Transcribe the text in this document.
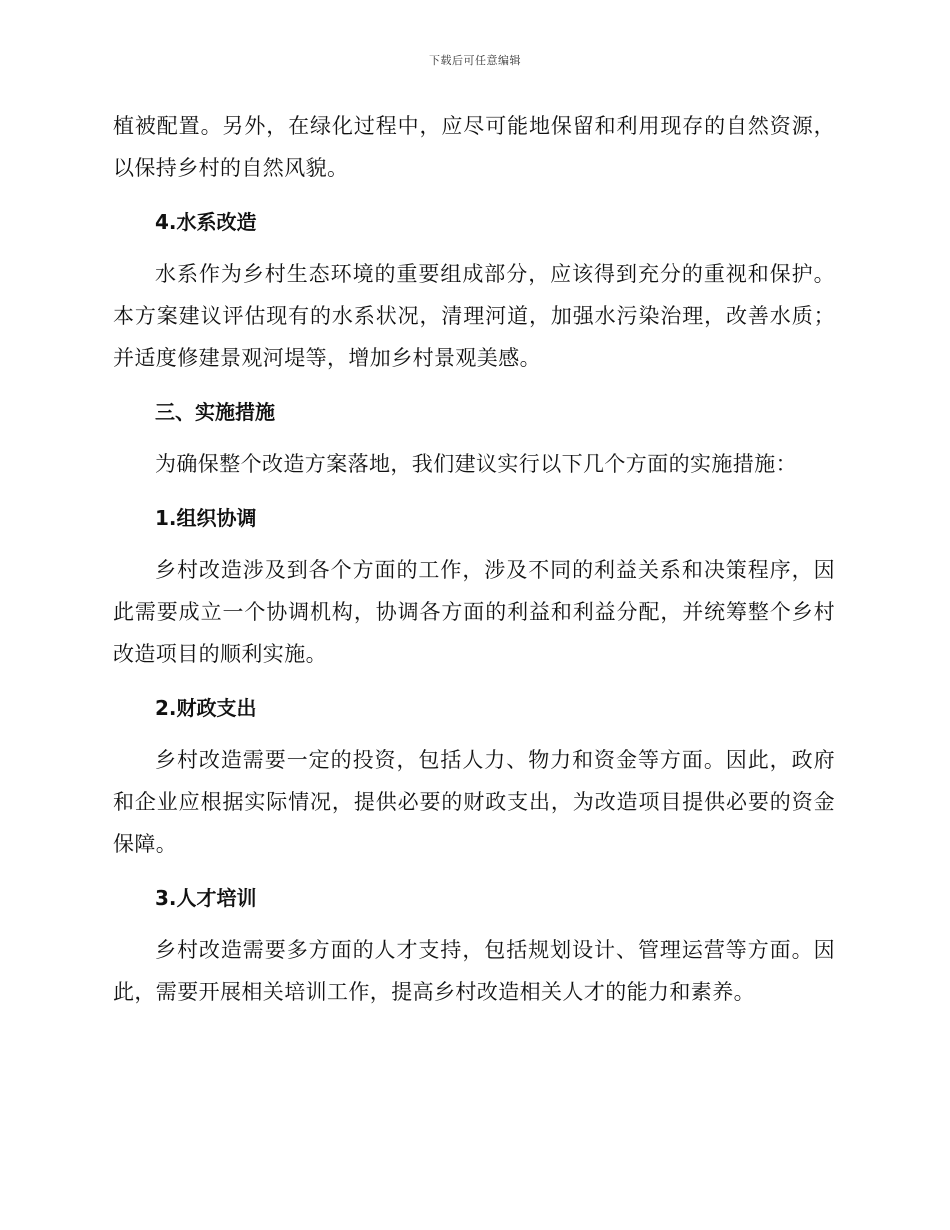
下载后可任意编辑

植被配置。另外，在绿化过程中，应尽可能地保留和利用现存的自然资源，以保持乡村的自然风貌。

4.水系改造

水系作为乡村生态环境的重要组成部分，应该得到充分的重视和保护。本方案建议评估现有的水系状况，清理河道，加强水污染治理，改善水质；并适度修建景观河堤等，增加乡村景观美感。

三、实施措施

为确保整个改造方案落地，我们建议实行以下几个方面的实施措施：

1.组织协调

乡村改造涉及到各个方面的工作，涉及不同的利益关系和决策程序，因此需要成立一个协调机构，协调各方面的利益和利益分配，并统筹整个乡村改造项目的顺利实施。

2.财政支出

乡村改造需要一定的投资，包括人力、物力和资金等方面。因此，政府和企业应根据实际情况，提供必要的财政支出，为改造项目提供必要的资金保障。

3.人才培训

乡村改造需要多方面的人才支持，包括规划设计、管理运营等方面。因此，需要开展相关培训工作，提高乡村改造相关人才的能力和素养。
